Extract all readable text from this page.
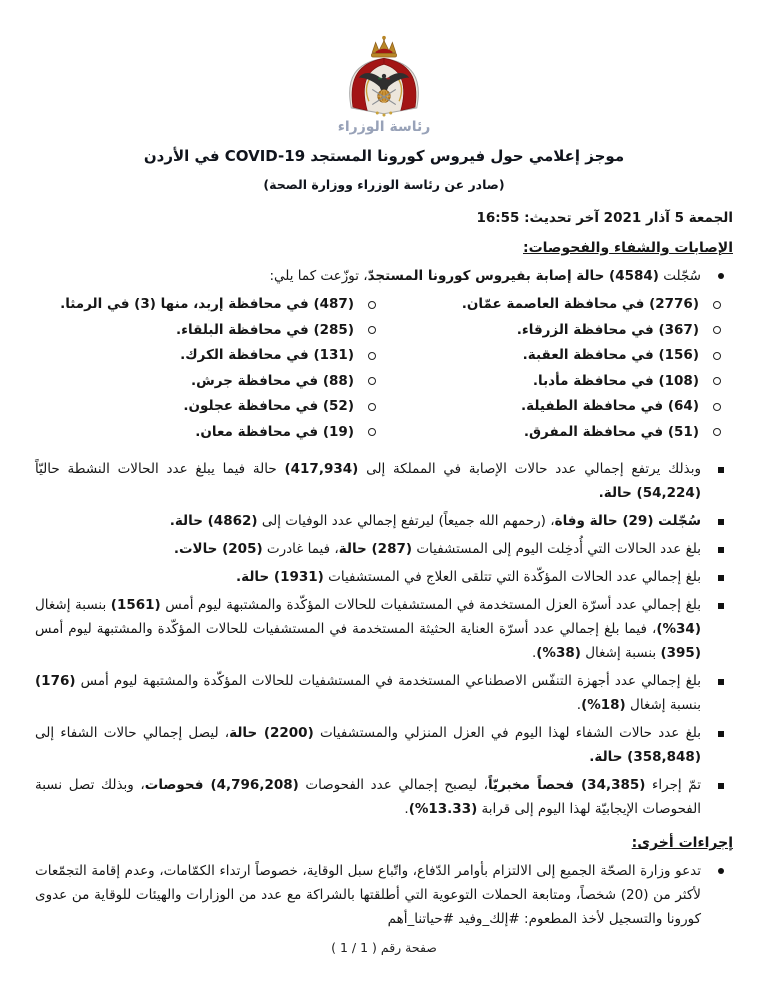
رئاسة الوزراء
موجز إعلامي حول فيروس كورونا المستجد COVID-19 في الأردن
(صادر عن رئاسة الوزراء ووزارة الصحة)
الجمعة 5 آذار 2021 آخر تحديث: 16:55
الإصابات والشفاء والفحوصات:
سُجّلت (4584) حالة إصابة بفيروس كورونا المستجدّ، توزّعت كما يلي:
(2776) في محافظة العاصمة عمّان.
(367) في محافظة الزرقاء.
(156) في محافظة العقبة.
(108) في محافظة مأدبا.
(64) في محافظة الطفيلة.
(51) في محافظة المفرق.
(487) في محافظة إربد، منها (3) في الرمثا.
(285) في محافظة البلقاء.
(131) في محافظة الكرك.
(88) في محافظة جرش.
(52) في محافظة عجلون.
(19) في محافظة معان.
وبذلك يرتفع إجمالي عدد حالات الإصابة في المملكة إلى (417,934) حالة فيما يبلغ عدد الحالات النشطة حاليّاً (54,224) حالة.
سُجّلت (29) حالة وفاة، (رحمهم الله جميعاً) ليرتفع إجمالي عدد الوفيات إلى (4862) حالة.
بلغ عدد الحالات التي أُدخِلت اليوم إلى المستشفيات (287) حالة، فيما غادرت (205) حالات.
بلغ إجمالي عدد الحالات المؤكّدة التي تتلقى العلاج في المستشفيات (1931) حالة.
بلغ إجمالي عدد أسرّة العزل المستخدمة في المستشفيات للحالات المؤكّدة والمشتبهة ليوم أمس (1561) بنسبة إشغال (%34)، فيما بلغ إجمالي عدد أسرّة العناية الحثيثة المستخدمة في المستشفيات للحالات المؤكّدة والمشتبهة ليوم أمس (395) بنسبة إشغال (%38).
بلغ إجمالي عدد أجهزة التنفّس الاصطناعي المستخدمة في المستشفيات للحالات المؤكّدة والمشتبهة ليوم أمس (176) بنسبة إشغال (%18).
بلغ عدد حالات الشفاء لهذا اليوم في العزل المنزلي والمستشفيات (2200) حالة، ليصل إجمالي حالات الشفاء إلى (358,848) حالة.
تمّ إجراء (34,385) فحصاً مخبريّاً، ليصبح إجمالي عدد الفحوصات (4,796,208) فحوصات، وبذلك تصل نسبة الفحوصات الإيجابيّة لهذا اليوم إلى قرابة (%13.33).
إجراءات أخرى:
تدعو وزارة الصحّة الجميع إلى الالتزام بأوامر الدّفاع، واتّباع سبل الوقاية، خصوصاً ارتداء الكمّامات، وعدم إقامة التجمّعات لأكثر من (20) شخصاً، ومتابعة الحملات التوعوية التي أطلقتها بالشراكة مع عدد من الوزارات والهيئات للوقاية من عدوى كورونا والتسجيل لأخذ المطعوم: #إلك_وفيد #حياتنا_أهم
صفحة رقم ( 1 / 1 )
